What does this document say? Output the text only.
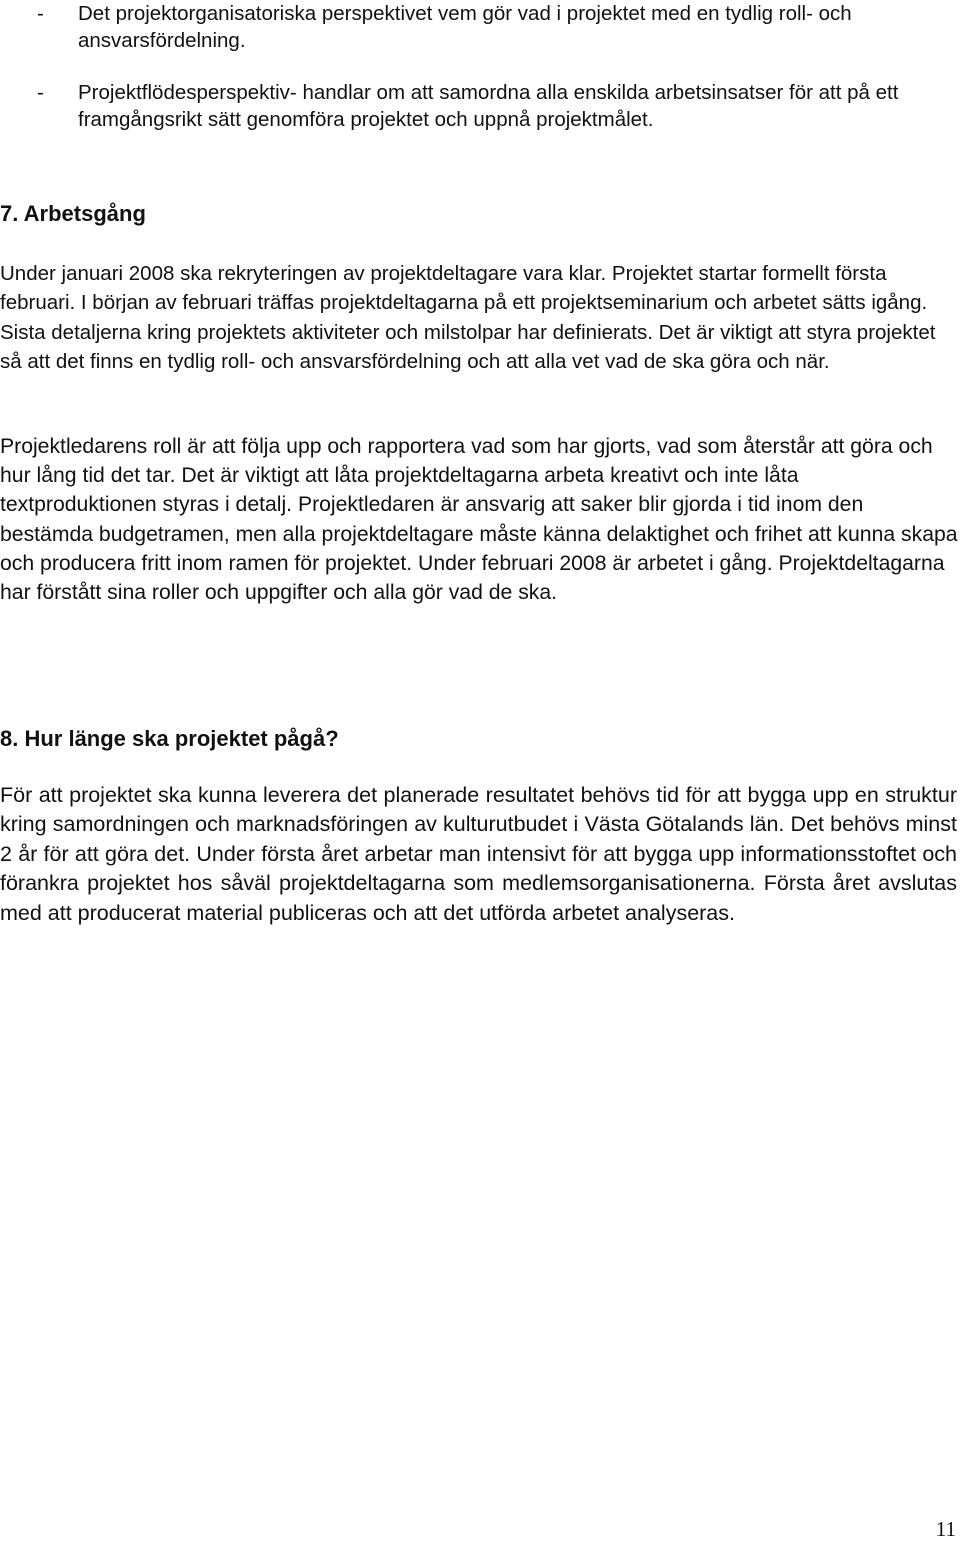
- Det projektorganisatoriska perspektivet vem gör vad i projektet med en tydlig roll- och ansvarsfördelning.
- Projektflödesperspektiv- handlar om att samordna alla enskilda arbetsinsatser för att på ett framgångsrikt sätt genomföra projektet och uppnå projektmålet.
7. Arbetsgång

Under januari 2008 ska rekryteringen av projektdeltagare vara klar. Projektet startar formellt första februari. I början av februari träffas projektdeltagarna på ett projektseminarium och arbetet sätts igång. Sista detaljerna kring projektets aktiviteter och milstolpar har definierats. Det är viktigt att styra projektet så att det finns en tydlig roll- och ansvarsfördelning och att alla vet vad de ska göra och när.

Projektledarens roll är att följa upp och rapportera vad som har gjorts, vad som återstår att göra och hur lång tid det tar. Det är viktigt att låta projektdeltagarna arbeta kreativt och inte låta textproduktionen styras i detalj. Projektledaren är ansvarig att saker blir gjorda i tid inom den bestämda budgetramen, men alla projektdeltagare måste känna delaktighet och frihet att kunna skapa och producera fritt inom ramen för projektet. Under februari 2008 är arbetet i gång. Projektdeltagarna har förstått sina roller och uppgifter och alla gör vad de ska.

8. Hur länge ska projektet pågå?

För att projektet ska kunna leverera det planerade resultatet behövs tid för att bygga upp en struktur kring samordningen och marknadsföringen av kulturutbudet i Västa Götalands län. Det behövs minst 2 år för att göra det. Under första året arbetar man intensivt för att bygga upp informationsstoftet och förankra projektet hos såväl projektdeltagarna som medlemsorganisationerna. Första året avslutas med att producerat material publiceras och att det utförda arbetet analyseras.

11
